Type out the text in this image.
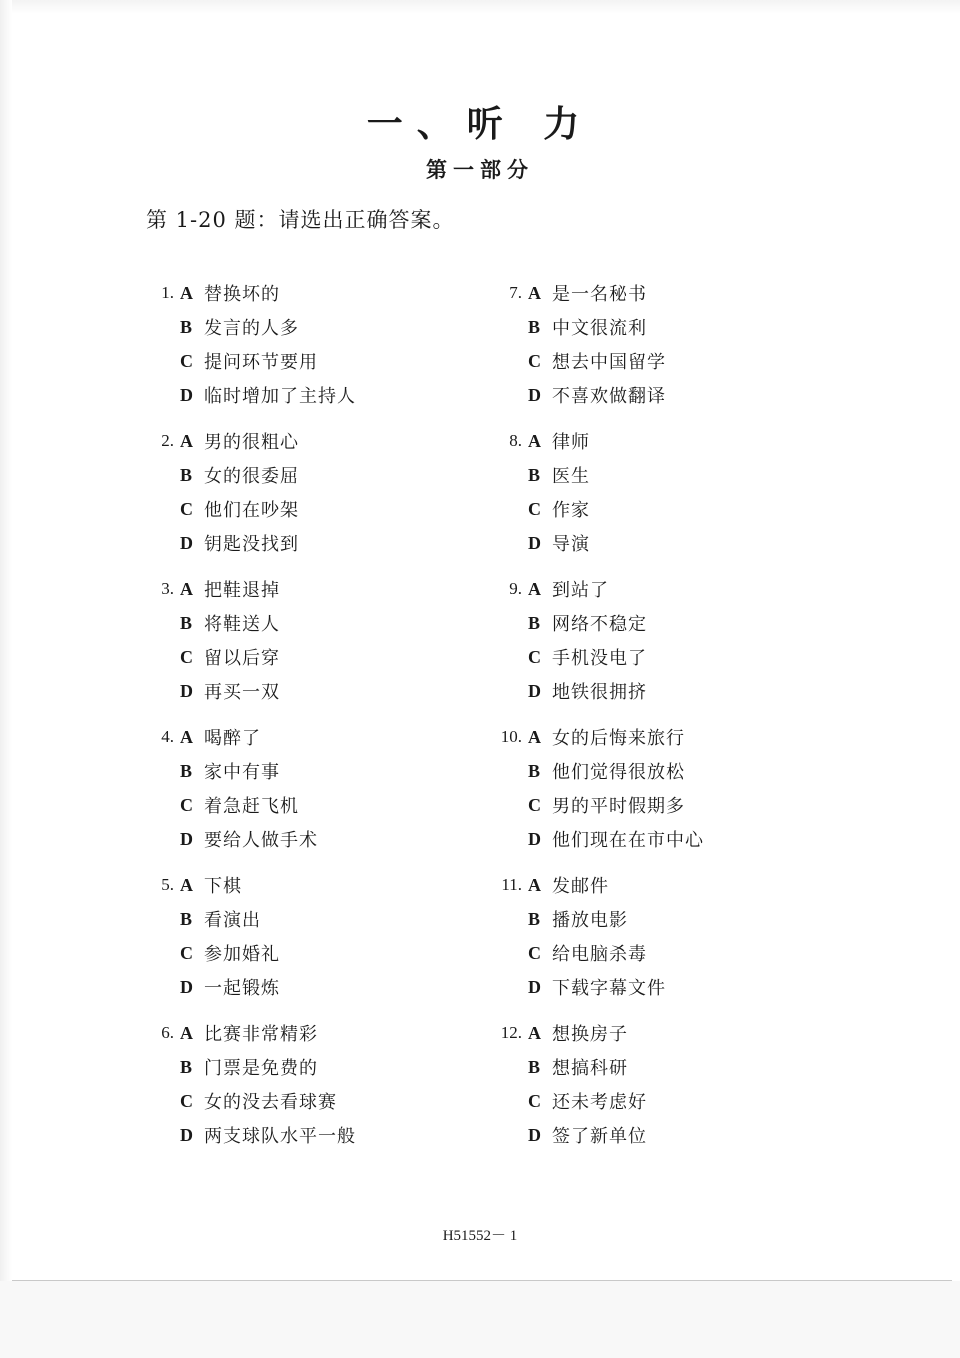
一、听 力
第一部分
第 1-20 题：请选出正确答案。
1. A 替换坏的
B 发言的人多
C 提问环节要用
D 临时增加了主持人
2. A 男的很粗心
B 女的很委屈
C 他们在吵架
D 钥匙没找到
3. A 把鞋退掉
B 将鞋送人
C 留以后穿
D 再买一双
4. A 喝醉了
B 家中有事
C 着急赶飞机
D 要给人做手术
5. A 下棋
B 看演出
C 参加婚礼
D 一起锻炼
6. A 比赛非常精彩
B 门票是免费的
C 女的没去看球赛
D 两支球队水平一般
7. A 是一名秘书
B 中文很流利
C 想去中国留学
D 不喜欢做翻译
8. A 律师
B 医生
C 作家
D 导演
9. A 到站了
B 网络不稳定
C 手机没电了
D 地铁很拥挤
10. A 女的后悔来旅行
B 他们觉得很放松
C 男的平时假期多
D 他们现在在市中心
11. A 发邮件
B 播放电影
C 给电脑杀毒
D 下载字幕文件
12. A 想换房子
B 想搞科研
C 还未考虑好
D 签了新单位
H51552－ 1
